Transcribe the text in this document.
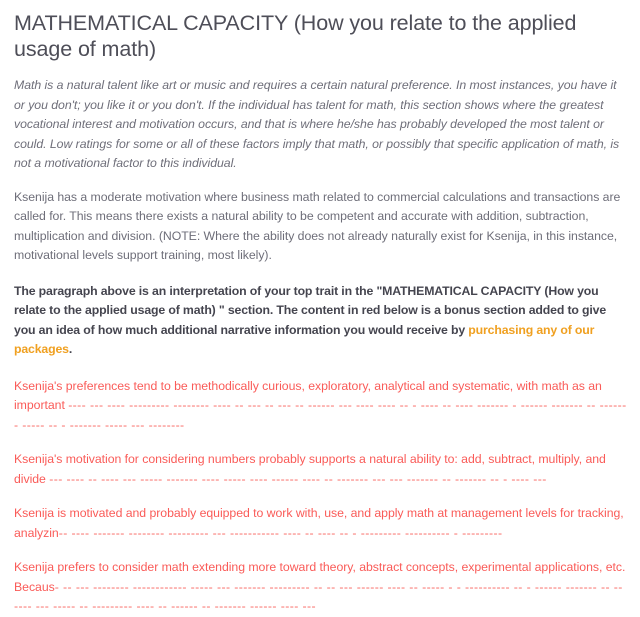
MATHEMATICAL CAPACITY (How you relate to the applied usage of math)

Math is a natural talent like art or music and requires a certain natural preference. In most instances, you have it or you don't; you like it or you don't. If the individual has talent for math, this section shows where the greatest vocational interest and motivation occurs, and that is where he/she has probably developed the most talent or could. Low ratings for some or all of these factors imply that math, or possibly that specific application of math, is not a motivational factor to this individual.

Ksenija has a moderate motivation where business math related to commercial calculations and transactions are called for. This means there exists a natural ability to be competent and accurate with addition, subtraction, multiplication and division. (NOTE: Where the ability does not already naturally exist for Ksenija, in this instance, motivational levels support training, most likely).

The paragraph above is an interpretation of your top trait in the "MATHEMATICAL CAPACITY (How you relate to the applied usage of math) " section. The content in red below is a bonus section added to give you an idea of how much additional narrative information you would receive by purchasing any of our packages.

Ksenija's preferences tend to be methodically curious, exploratory, analytical and systematic, with math as an important ---- --- ---- --------- -------- ---- -- --- -- --- -- ------ --- ---- ---- -- - ---- -- ---- ------- - ------ ------- -- ------- ----- -- - ------- ----- --- --------

Ksenija's motivation for considering numbers probably supports a natural ability to: add, subtract, multiply, and divide --- ---- -- ---- --- ----- ------- ---- ----- ---- ------ ---- -- ------- --- --- ------- -- ------- -- - ---- ---

Ksenija is motivated and probably equipped to work with, use, and apply math at management levels for tracking, analyzin-- ---- ------- -------- --------- --- ----------- ---- -- ---- -- - --------- ---------- - ---------

Ksenija prefers to consider math extending more toward theory, abstract concepts, experimental applications, etc. Becaus- -- --- -------- ------------ ----- --- ------- --------- -- -- --- ------ ---- -- ----- - - ---------- -- - ------ ------- -- -- ---- --- ----- -- --------- ---- -- ------ -- ------- ------ ---- ---
